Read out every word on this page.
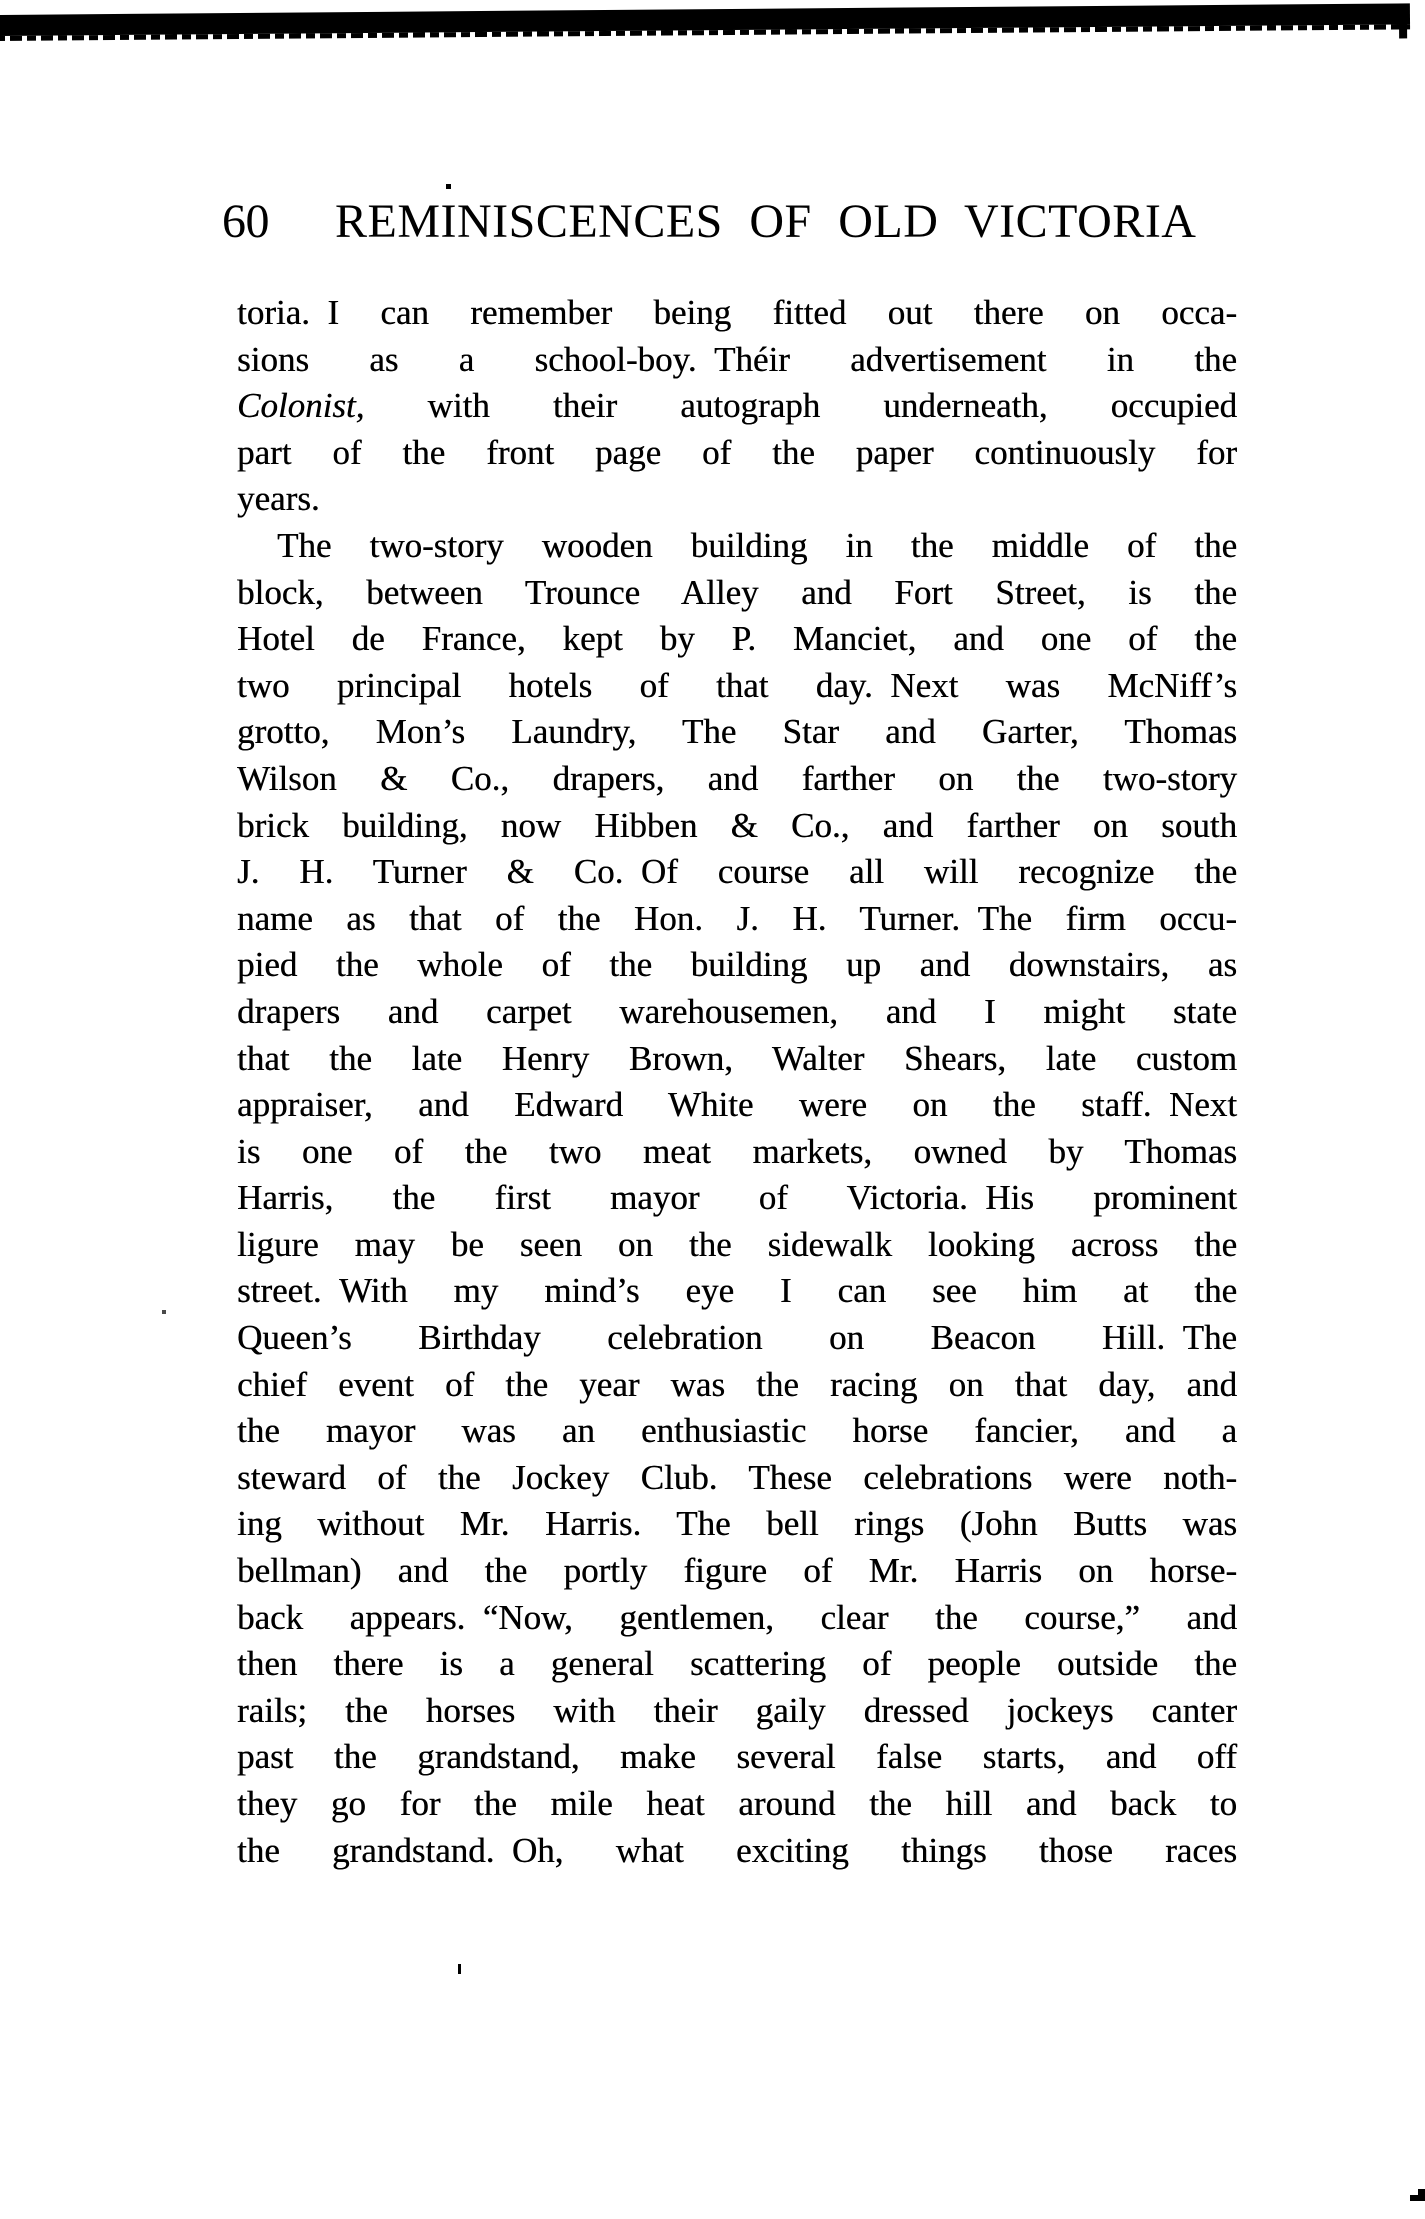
60 REMINISCENCES OF OLD VICTORIA
toria. I can remember being fitted out there on occa-
sions as a school-boy. Théir advertisement in the
Colonist, with their autograph underneath, occupied
part of the front page of the paper continuously for
years.
The two-story wooden building in the middle of the
block, between Trounce Alley and Fort Street, is the
Hotel de France, kept by P. Manciet, and one of the
two principal hotels of that day. Next was McNiff’s
grotto, Mon’s Laundry, The Star and Garter, Thomas
Wilson & Co., drapers, and farther on the two-story
brick building, now Hibben & Co., and farther on south
J. H. Turner & Co. Of course all will recognize the
name as that of the Hon. J. H. Turner. The firm occu-
pied the whole of the building up and downstairs, as
drapers and carpet warehousemen, and I might state
that the late Henry Brown, Walter Shears, late custom
appraiser, and Edward White were on the staff. Next
is one of the two meat markets, owned by Thomas
Harris, the first mayor of Victoria. His prominent
ligure may be seen on the sidewalk looking across the
street. With my mind’s eye I can see him at the
Queen’s Birthday celebration on Beacon Hill. The
chief event of the year was the racing on that day, and
the mayor was an enthusiastic horse fancier, and a
steward of the Jockey Club. These celebrations were noth-
ing without Mr. Harris. The bell rings (John Butts was
bellman) and the portly figure of Mr. Harris on horse-
back appears. “Now, gentlemen, clear the course,” and
then there is a general scattering of people outside the
rails; the horses with their gaily dressed jockeys canter
past the grandstand, make several false starts, and off
they go for the mile heat around the hill and back to
the grandstand. Oh, what exciting things those races
